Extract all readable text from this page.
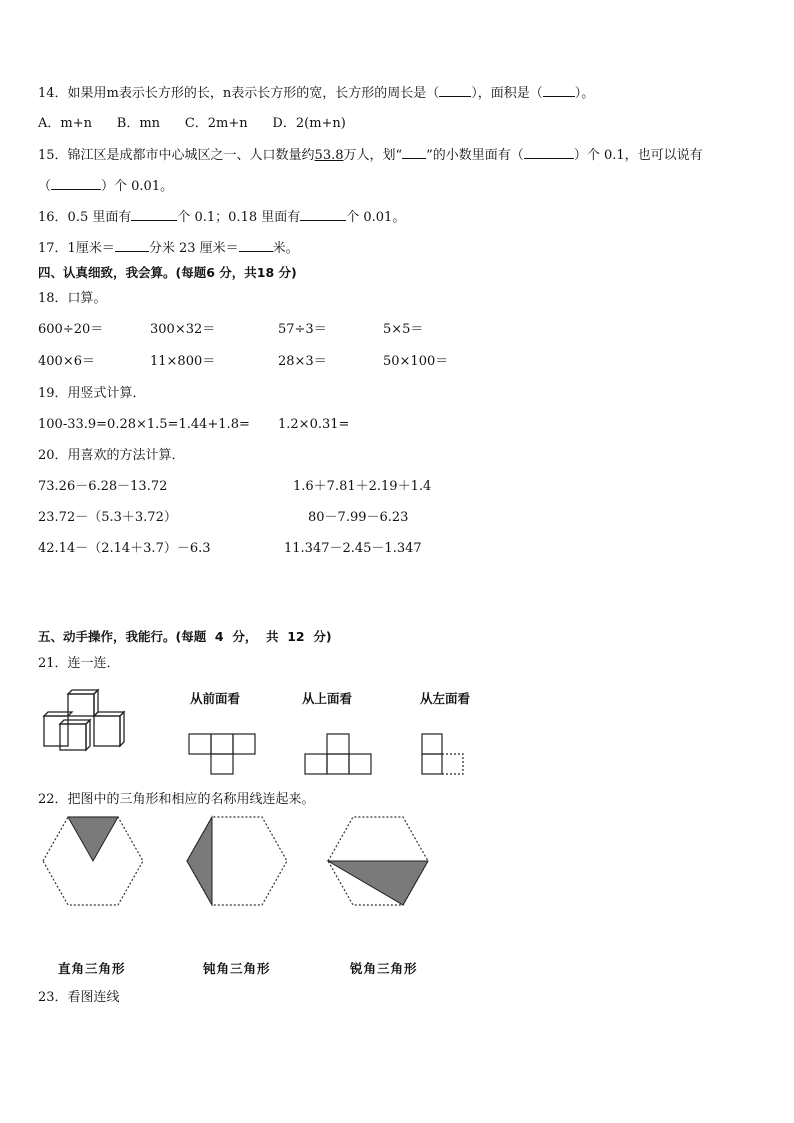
14．如果用m表示长方形的长，n表示长方形的宽，长方形的周长是（ ），面积是（ ）。
A．m+n      B．mn      C．2m+n      D．2(m+n)
15．锦江区是成都市中心城区之一、人口数量约53.8万人，划“ ”的小数里面有（	）个 0.1，也可以说有
（	）个 0.01。
16．0.5 里面有	个 0.1；0.18 里面有	个 0.01。
17．1厘米＝	分米 23 厘米＝	米。
四、认真细致，我会算。(每题6 分，共18 分)
18．口算。
600÷20＝	300×32＝	57÷3＝	5×5＝
400×6＝	11×800＝	28×3＝	50×100＝
19．用竖式计算．
100-33.9=0.28×1.5=1.44+1.8= 1.2×0.31=
20．用喜欢的方法计算．
73.26－6.28－13.72	1.6＋7.81＋2.19＋1.4
23.72－（5.3＋3.72）	80－7.99－6.23
42.14－（2.14＋3.7）－6.3	11.347－2.45－1.347
五、动手操作，我能行。(每题  4  分，  共  12  分)
21．连一连．
从前面看	从上面看	从左面看
22．把图中的三角形和相应的名称用线连起来。
直角三角形	钝角三角形	锐角三角形
23．看图连线
